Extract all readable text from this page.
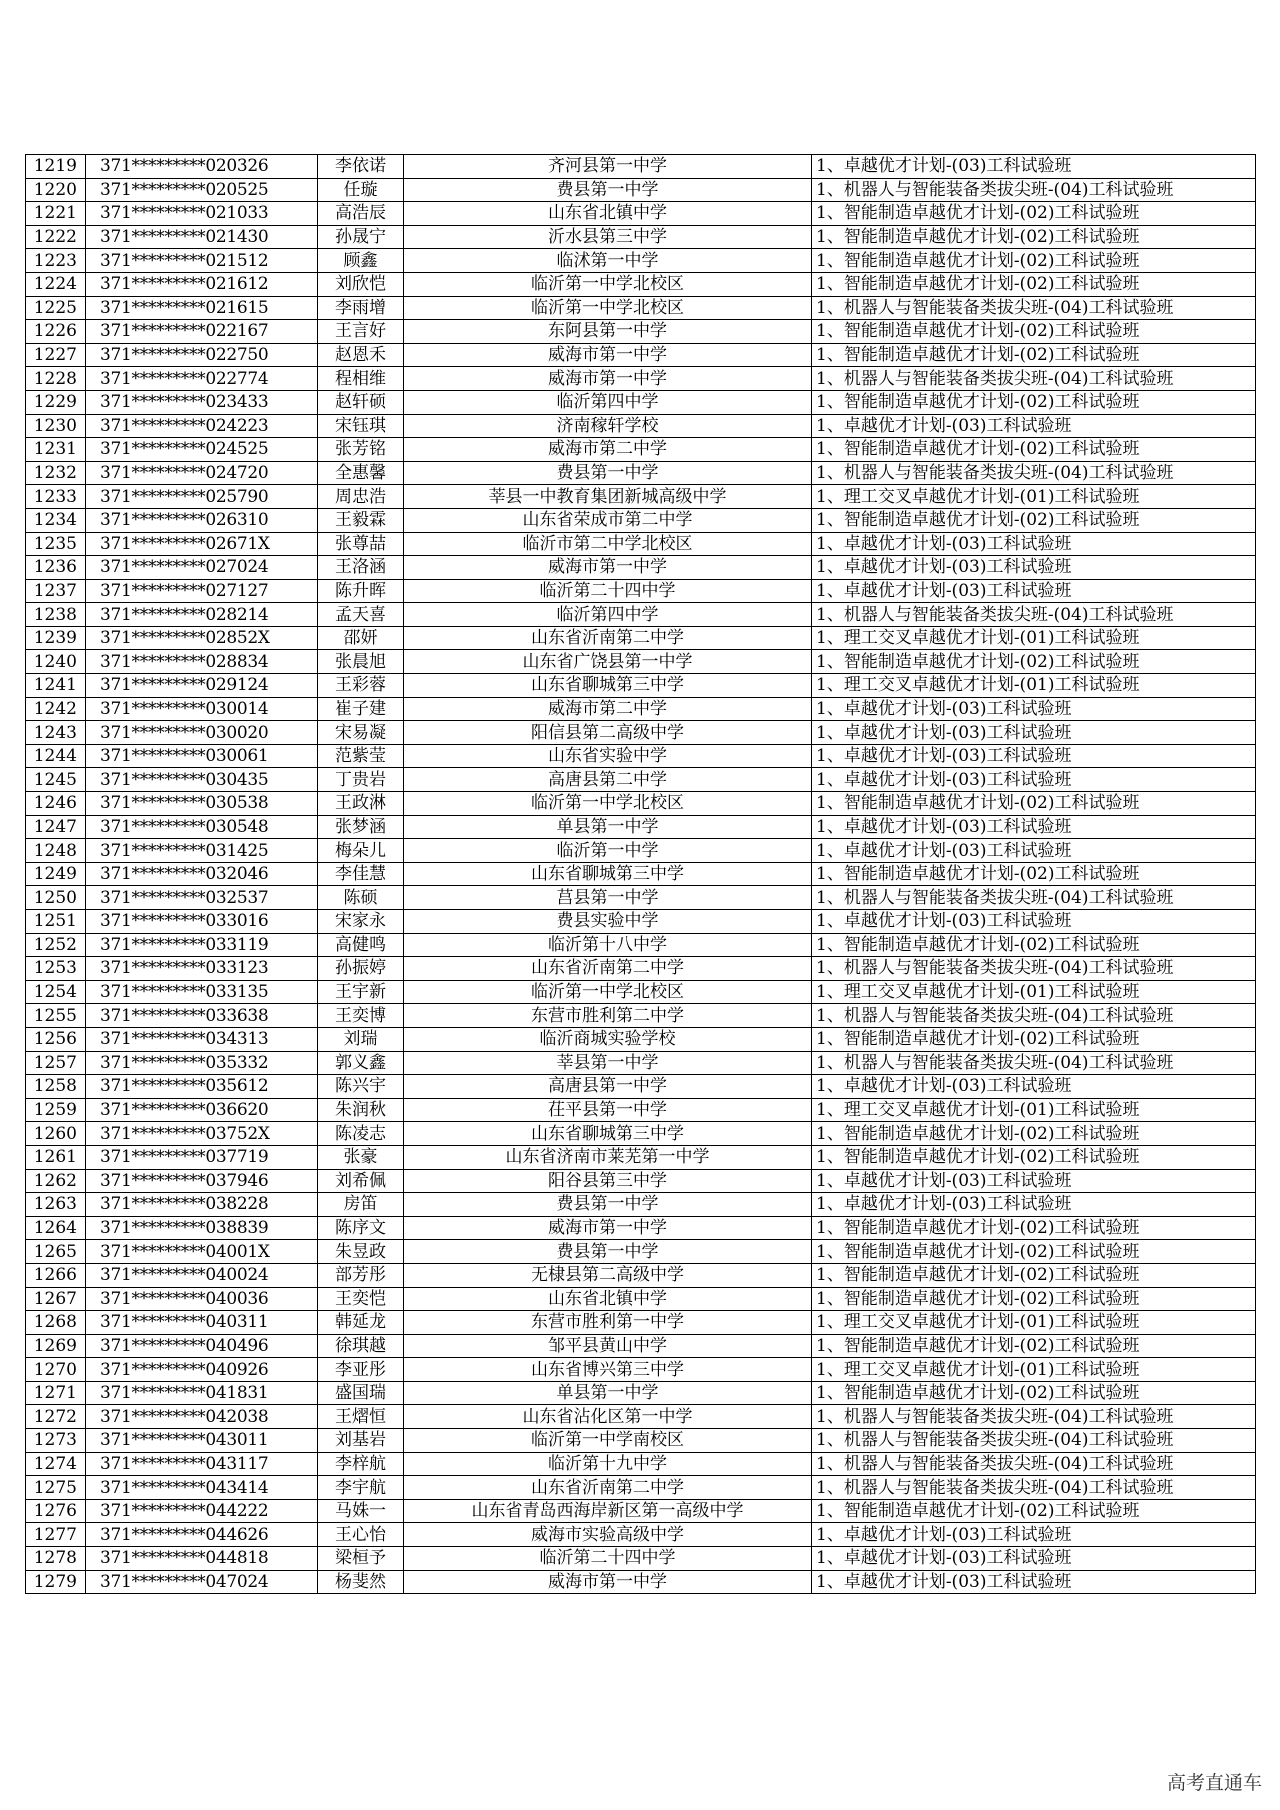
1219	371*********020326	李依诺	齐河县第一中学	1、卓越优才计划-(03)工科试验班
1220	371*********020525	任璇	费县第一中学	1、机器人与智能装备类拔尖班-(04)工科试验班
1221	371*********021033	高浩辰	山东省北镇中学	1、智能制造卓越优才计划-(02)工科试验班
1222	371*********021430	孙晟宁	沂水县第三中学	1、智能制造卓越优才计划-(02)工科试验班
1223	371*********021512	顾鑫	临沭第一中学	1、智能制造卓越优才计划-(02)工科试验班
1224	371*********021612	刘欣恺	临沂第一中学北校区	1、智能制造卓越优才计划-(02)工科试验班
1225	371*********021615	李雨增	临沂第一中学北校区	1、机器人与智能装备类拔尖班-(04)工科试验班
1226	371*********022167	王言好	东阿县第一中学	1、智能制造卓越优才计划-(02)工科试验班
1227	371*********022750	赵恩禾	威海市第一中学	1、智能制造卓越优才计划-(02)工科试验班
1228	371*********022774	程相维	威海市第一中学	1、机器人与智能装备类拔尖班-(04)工科试验班
1229	371*********023433	赵轩硕	临沂第四中学	1、智能制造卓越优才计划-(02)工科试验班
1230	371*********024223	宋钰琪	济南稼轩学校	1、卓越优才计划-(03)工科试验班
1231	371*********024525	张芳铭	威海市第二中学	1、智能制造卓越优才计划-(02)工科试验班
1232	371*********024720	全惠馨	费县第一中学	1、机器人与智能装备类拔尖班-(04)工科试验班
1233	371*********025790	周忠浩	莘县一中教育集团新城高级中学	1、理工交叉卓越优才计划-(01)工科试验班
1234	371*********026310	王毅霖	山东省荣成市第二中学	1、智能制造卓越优才计划-(02)工科试验班
1235	371*********02671X	张尊喆	临沂市第二中学北校区	1、卓越优才计划-(03)工科试验班
1236	371*********027024	王洛涵	威海市第一中学	1、卓越优才计划-(03)工科试验班
1237	371*********027127	陈升晖	临沂第二十四中学	1、卓越优才计划-(03)工科试验班
1238	371*********028214	孟天喜	临沂第四中学	1、机器人与智能装备类拔尖班-(04)工科试验班
1239	371*********02852X	邵妍	山东省沂南第二中学	1、理工交叉卓越优才计划-(01)工科试验班
1240	371*********028834	张晨旭	山东省广饶县第一中学	1、智能制造卓越优才计划-(02)工科试验班
1241	371*********029124	王彩蓉	山东省聊城第三中学	1、理工交叉卓越优才计划-(01)工科试验班
1242	371*********030014	崔子建	威海市第二中学	1、卓越优才计划-(03)工科试验班
1243	371*********030020	宋易凝	阳信县第二高级中学	1、卓越优才计划-(03)工科试验班
1244	371*********030061	范紫莹	山东省实验中学	1、卓越优才计划-(03)工科试验班
1245	371*********030435	丁贵岩	高唐县第二中学	1、卓越优才计划-(03)工科试验班
1246	371*********030538	王政淋	临沂第一中学北校区	1、智能制造卓越优才计划-(02)工科试验班
1247	371*********030548	张梦涵	单县第一中学	1、卓越优才计划-(03)工科试验班
1248	371*********031425	梅朵儿	临沂第一中学	1、卓越优才计划-(03)工科试验班
1249	371*********032046	李佳慧	山东省聊城第三中学	1、智能制造卓越优才计划-(02)工科试验班
1250	371*********032537	陈硕	莒县第一中学	1、机器人与智能装备类拔尖班-(04)工科试验班
1251	371*********033016	宋家永	费县实验中学	1、卓越优才计划-(03)工科试验班
1252	371*********033119	高健鸣	临沂第十八中学	1、智能制造卓越优才计划-(02)工科试验班
1253	371*********033123	孙振婷	山东省沂南第二中学	1、机器人与智能装备类拔尖班-(04)工科试验班
1254	371*********033135	王宇新	临沂第一中学北校区	1、理工交叉卓越优才计划-(01)工科试验班
1255	371*********033638	王奕博	东营市胜利第二中学	1、机器人与智能装备类拔尖班-(04)工科试验班
1256	371*********034313	刘瑞	临沂商城实验学校	1、智能制造卓越优才计划-(02)工科试验班
1257	371*********035332	郭义鑫	莘县第一中学	1、机器人与智能装备类拔尖班-(04)工科试验班
1258	371*********035612	陈兴宇	高唐县第一中学	1、卓越优才计划-(03)工科试验班
1259	371*********036620	朱润秋	茌平县第一中学	1、理工交叉卓越优才计划-(01)工科试验班
1260	371*********03752X	陈凌志	山东省聊城第三中学	1、智能制造卓越优才计划-(02)工科试验班
1261	371*********037719	张豪	山东省济南市莱芜第一中学	1、智能制造卓越优才计划-(02)工科试验班
1262	371*********037946	刘希佩	阳谷县第三中学	1、卓越优才计划-(03)工科试验班
1263	371*********038228	房笛	费县第一中学	1、卓越优才计划-(03)工科试验班
1264	371*********038839	陈序文	威海市第一中学	1、智能制造卓越优才计划-(02)工科试验班
1265	371*********04001X	朱昱政	费县第一中学	1、智能制造卓越优才计划-(02)工科试验班
1266	371*********040024	部芳彤	无棣县第二高级中学	1、智能制造卓越优才计划-(02)工科试验班
1267	371*********040036	王奕恺	山东省北镇中学	1、智能制造卓越优才计划-(02)工科试验班
1268	371*********040311	韩延龙	东营市胜利第一中学	1、理工交叉卓越优才计划-(01)工科试验班
1269	371*********040496	徐琪越	邹平县黄山中学	1、智能制造卓越优才计划-(02)工科试验班
1270	371*********040926	李亚彤	山东省博兴第三中学	1、理工交叉卓越优才计划-(01)工科试验班
1271	371*********041831	盛国瑞	单县第一中学	1、智能制造卓越优才计划-(02)工科试验班
1272	371*********042038	王熠恒	山东省沾化区第一中学	1、机器人与智能装备类拔尖班-(04)工科试验班
1273	371*********043011	刘基岩	临沂第一中学南校区	1、机器人与智能装备类拔尖班-(04)工科试验班
1274	371*********043117	李梓航	临沂第十九中学	1、机器人与智能装备类拔尖班-(04)工科试验班
1275	371*********043414	李宇航	山东省沂南第二中学	1、机器人与智能装备类拔尖班-(04)工科试验班
1276	371*********044222	马姝一	山东省青岛西海岸新区第一高级中学	1、智能制造卓越优才计划-(02)工科试验班
1277	371*********044626	王心怡	威海市实验高级中学	1、卓越优才计划-(03)工科试验班
1278	371*********044818	梁桓予	临沂第二十四中学	1、卓越优才计划-(03)工科试验班
1279	371*********047024	杨斐然	威海市第一中学	1、卓越优才计划-(03)工科试验班
高考直通车
